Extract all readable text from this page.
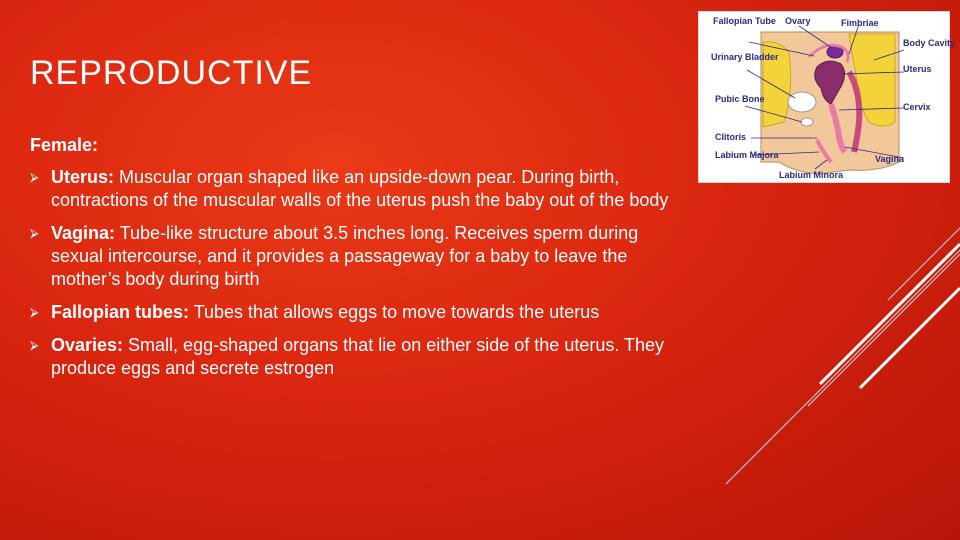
REPRODUCTIVE
Female:
⮚ Uterus: Muscular organ shaped like an upside-down pear. During birth, contractions of the muscular walls of the uterus push the baby out of the body
⮚ Vagina: Tube-like structure about 3.5 inches long. Receives sperm during sexual intercourse, and it provides a passageway for a baby to leave the mother’s body during birth
⮚ Fallopian tubes: Tubes that allows eggs to move towards the uterus
⮚ Ovaries: Small, egg-shaped organs that lie on either side of the uterus. They produce eggs and secrete estrogen
Fallopian Tube Ovary	Fimbriae
Body Cavity
Urinary Bladder
Uterus
Pubic Bone
Cervix
Clitoris
Labium Majora	Vagina
Labium Minora
